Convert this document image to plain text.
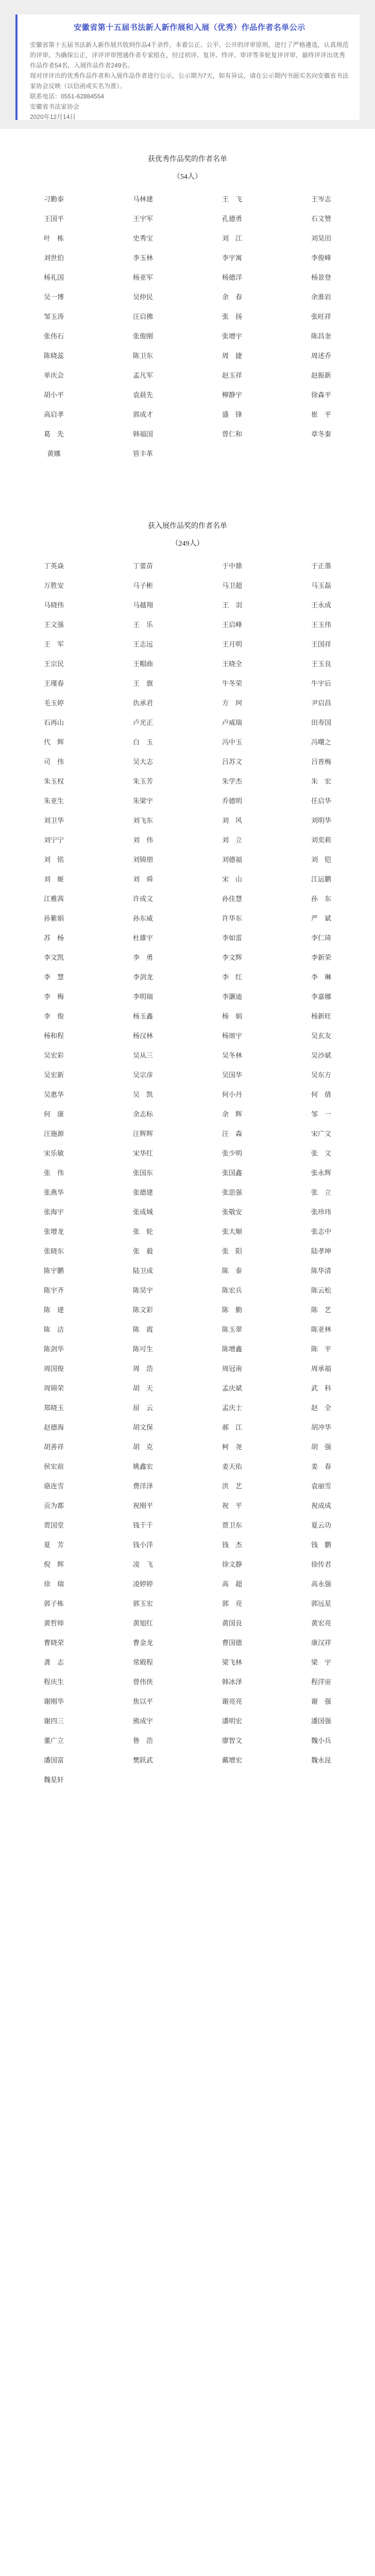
安徽省第十五届书法新人新作展和入展（优秀）作品作者名单公示

安徽省第十五届书法新人新作展共收到作品4千余件，本着公正、公平、公开的评审原则，进行了严格遴选，认真规范的评审。为确保公正，评评评审图通作者专家组在，经过初评、复评、终评、审评等多轮复评评审，最终评评出优秀作品作者54名，入展作品作者249名。

现对评评出的优秀作品作者和入展作品作者进行公示，公示期为7天，如有异议，请在公示期内书面实名向安徽省书法家协会反映（以信函或实名为准）。

联系电话：0551-62884554

安徽省书法家协会

2020年12月14日

获优秀作品奖的作者名单
（54人）
刁勤泰	马林建	王　飞	王岑志
王国平	王宇军	孔德勇	石文赞
叶　栋	史秀宝	刘　江	刘昊田
刘世伯	李玉林	李宇寓	李俊峰
杨礼国	杨亚军	杨德洋	杨景登
吴一博	吴仲民	余　春	余淮岩
邹玉涛	汪启佛	张　扬	张旺祥
张伟石	张俊刚	张增宇	陈昌奎
陈晓蕊	陈卫东	周　捷	周述乔
单庆会	孟凡军	赵玉祥	赵振新
胡小平	袁晨先	柳静宇	徐森平
高启孝	郭成才	盛　锋	崔　平
葛　先	韩福国	曾仁和	章冬秦
黄娜	管丰革
获入展作品奖的作者名单
（249人）
丁英焱	丁蕾苗	于中鼎	于正墨
万胜安	马子彬	马卫超	马玉磊
马晓伟	马越翔	王　羽	王永成
王文强	王　乐	王启峰	王玉伟
王　军	王志远	王月明	王国祥
王宗民	王帽曲	王晓全	王玉良
王瑾春	王　旗	牛冬荣	牛宇后
毛玉婷	仇承君	方　珂	尹启昌
石再山	卢光正	卢威瑞	田寿国
代　辉	白　玉	冯中玉	冯曙之
司　伟	吴大志	吕苏文	吕晋梅
朱玉权	朱玉芳	朱学杰	朱　宏
朱亚生	朱梁宇	乔德明	任启华
刘卫华	刘飞东	刘　风	刘明华
刘宁宁	刘　伟	刘　立	刘奕莉
刘　铭	刘锦朋	刘德福	刘　铠
刘　姬	刘　舜	宋　山	江运鹏
江雅茜	许成文	孙佳慧	孙　东
孙紫娟	孙东威	许华东	严　斌
苏　杨	杜雄宇	李如雷	李仁琦
李文凯	李　勇	李文辉	李新荣
李　慧	李剑龙	李　红	李　琳
李　梅	李明瑞	李灏迪	李嘉娜
李　俊	杨玉鑫	杨　娟	杨新旺
杨和程	杨汉林	杨颂宇	吴玄友
吴宏彩	吴从三	吴冬林	吴沙斌
吴宏新	吴宗彦	吴国华	吴东方
吴惠华	吴　凯	何小丹	何　倩
何　康	余志标	余　辉	邹　一
汪施源	汪辉辉	汪　森	宋广文
宋乐敏	宋华红	张少明	张　文
张　伟	张国东	张国鑫	张永辉
张燕华	张德建	张思强	张　立
张海宇	张成城	张敬安	张珍玮
张增龙	张　轮	张大顺	张志中
张晓东	张　毅	张　阳	陆孝坤
陈宇鹏	陆卫成	陈　泰	陈华清
陈宇齐	陈昊宇	陈宏兵	陈云松
陈　建	陈文彩	陈　勤	陈　艺
陈　洁	陈　霞	陈玉翠	陈亚林
陈剑华	陈可生	陈增鑫	陈　平
周国俊	周　浩	周冠南	周承福
周锦荣	胡　天	孟庆斌	武　科
郑晓玉	屈　云	孟庆士	赵　全
赵德海	胡文保	郝　江	胡冲华
胡善祥	胡　克	柯　尧	胡　强
侯宏前	姚鑫宏	姜天佑	姜　春
骆连雪	费洋泽	洪　艺	袁丽雪
贡为都	祝刚平	祝　平	祝成成
贾国堂	钱千千	贾卫东	夏云功
夏　芳	钱小洋	钱　杰	钱　鹏
倪　辉	凌　飞	徐文静	徐传君
徐　瑞	凌婷婷	高　超	高永强
郭子栋	郭玉宏	郭　亮	郭远星
黄哲师	黄旭红	黄国良	黄宏亮
曹晓荣	曹金龙	曹国德	康汉祥
龚　志	常殿程	梁飞林	梁　宇
程庆生	曾伟侠	韩冰泽	程洋宙
谢刚华	焦以平	谢亮亮	谢　强
谢四三	熊成宇	潘明宏	潘国强
董广立	鲁　浩	廖智文	魏小兵
潘国富	樊跃武	戴增宏	魏永昆
魏星轩
